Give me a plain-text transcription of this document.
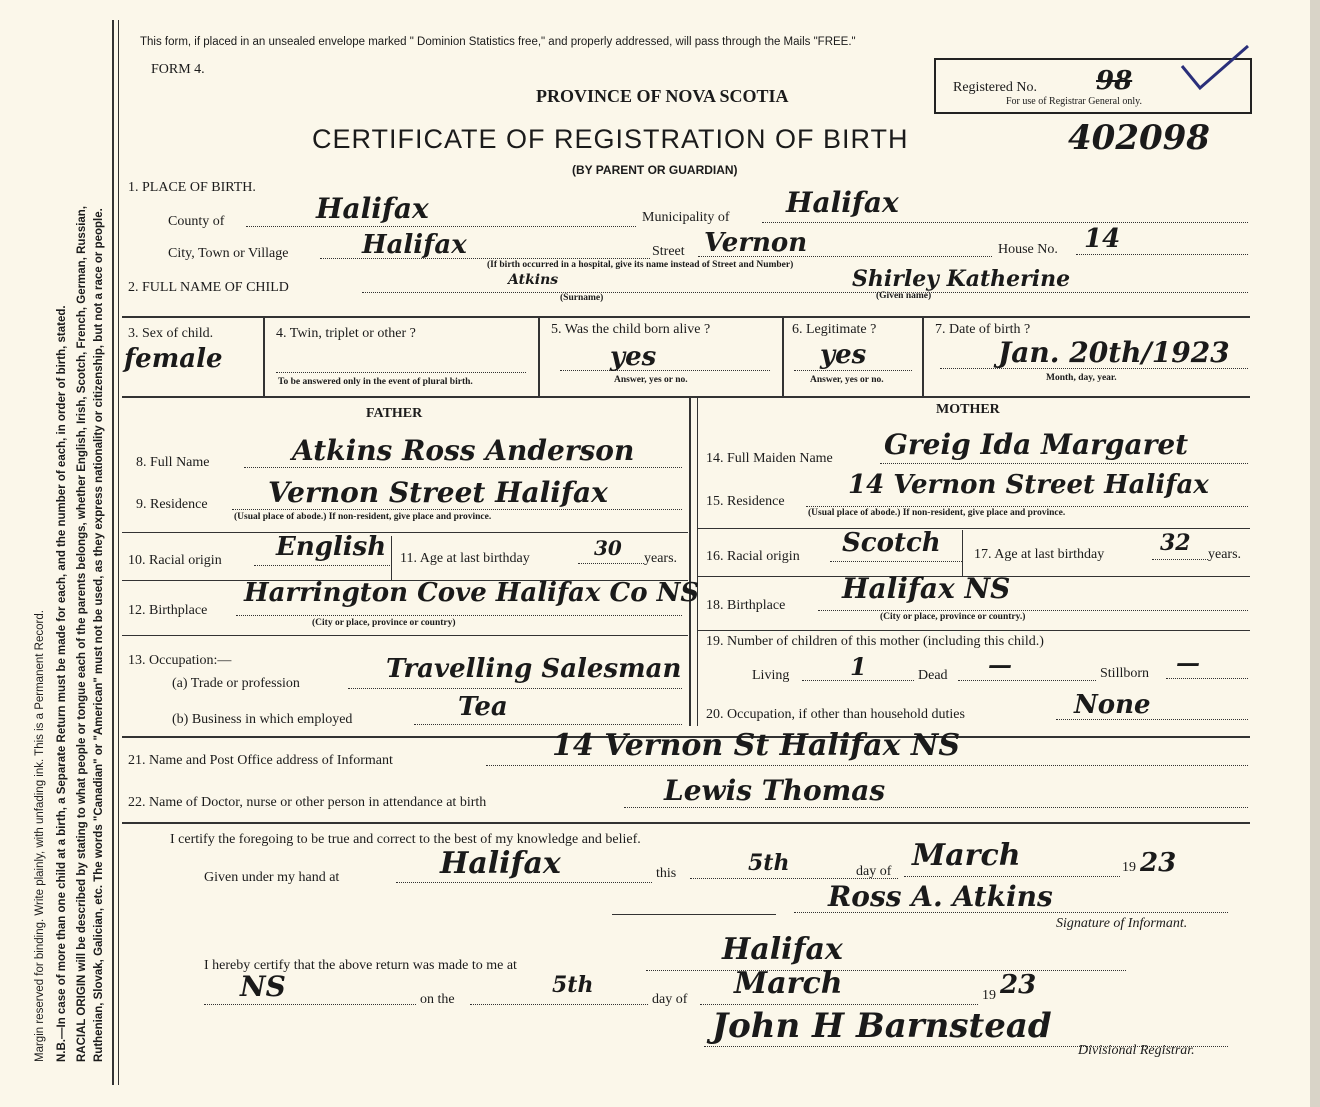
Margin reserved for binding. Write plainly, with unfading ink. This is a Permanent Record. N.B.—In case of more than one child at a birth, a Separate Return must be made for each, and the number of each, in order of birth, stated. RACIAL ORIGIN will be described by stating to what people or tongue each of the parents belongs, whether English, Irish, Scotch, French, German, Russian, Ruthenian, Slovak, Galician, etc. The words "Canadian" or "American" must not be used, as they express nationality or citizenship, but not a race or people.
This form, if placed in an unsealed envelope marked " Dominion Statistics free," and properly addressed, will pass through the Mails "FREE."
FORM 4.
PROVINCE OF NOVA SCOTIA
CERTIFICATE OF REGISTRATION OF BIRTH	402098
(BY PARENT OR GUARDIAN)
Registered No. 98
For use of Registrar General only.
1. PLACE OF BIRTH.
County of	Halifax	Municipality of Halifax
City, Town or Village	Halifax	Street Vernon	House No. 14
(If birth occurred in a hospital, give its name instead of Street and Number)
2. FULL NAME OF CHILD	Atkins
(Surname)
Shirley Katherine
(Given name)
3. Sex of child.
female
4. Twin, triplet or other ?
To be answered only in the event of plural birth.
5. Was the child born alive ?
yes
Answer, yes or no.
6. Legitimate ?
yes
Answer, yes or no.
7. Date of birth ?
Jan. 20th/1923
Month, day, year.
FATHER	MOTHER
8. Full Name	Atkins Ross Anderson
9. Residence Vernon Street Halifax
(Usual place of abode.) If non-resident, give place and province.
10. Racial origin English 11. Age at last birthday	30 years.
12. Birthplace
Harrington Cove Halifax Co NS
(City or place, province or country)
13. Occupation:—
(a) Trade or profession	Travelling Salesman
(b) Business in which employed	Tea
14. Full Maiden Name Greig Ida Margaret
15. Residence
14 Vernon Street Halifax
(Usual place of abode.) If non-resident, give place and province.
16. Racial origin Scotch 17. Age at last birthday	32 years.
18. Birthplace
Halifax NS
(City or place, province or country.)
19. Number of children of this mother (including this child.)
Living	1	Dead —	Stillborn —
20. Occupation, if other than household duties	None
21. Name and Post Office address of Informant	14 Vernon St Halifax NS
22. Name of Doctor, nurse or other person in attendance at birth	Lewis Thomas
I certify the foregoing to be true and correct to the best of my knowledge and belief.
Given under my hand at	Halifax	this	5th	day of March	19 23
Ross A. Atkins
Signature of Informant.
I hereby certify that the above return was made to me at	Halifax
NS	on the
5th
day of March	19 23
John H Barnstead
Divisional Registrar.
